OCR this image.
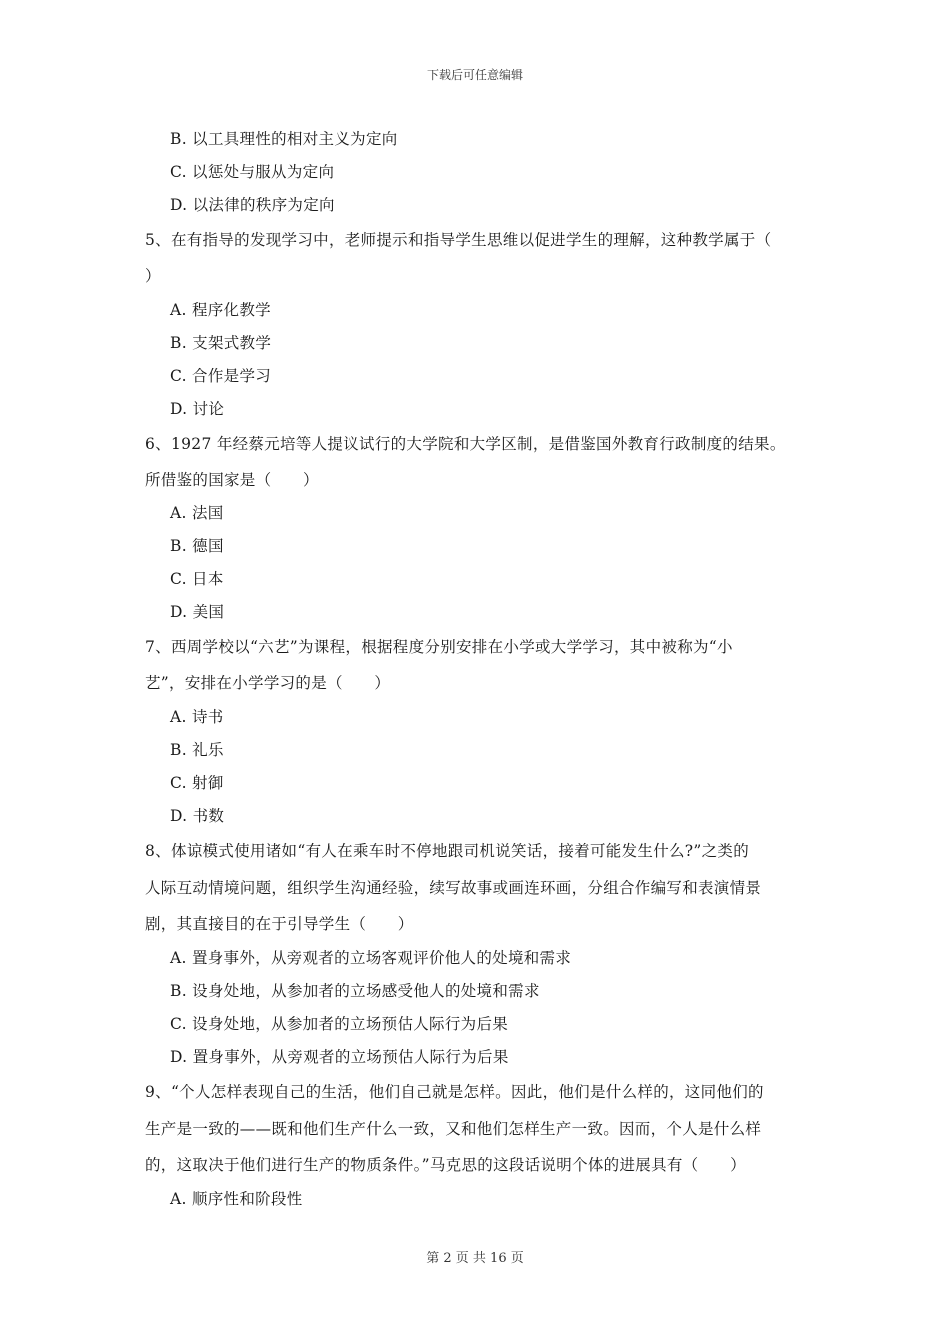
下载后可任意编辑
B. 以工具理性的相对主义为定向
C. 以惩处与服从为定向
D. 以法律的秩序为定向
5、在有指导的发现学习中，老师提示和指导学生思维以促进学生的理解，这种教学属于（
）
A. 程序化教学
B. 支架式教学
C. 合作是学习
D. 讨论
6、1927 年经蔡元培等人提议试行的大学院和大学区制，是借鉴国外教育行政制度的结果。
所借鉴的国家是（　　）
A. 法国
B. 德国
C. 日本
D. 美国
7、西周学校以“六艺”为课程，根据程度分别安排在小学或大学学习，其中被称为“小
艺”，安排在小学学习的是（　　）
A. 诗书
B. 礼乐
C. 射御
D. 书数
8、体谅模式使用诸如“有人在乘车时不停地跟司机说笑话，接着可能发生什么?”之类的
人际互动情境问题，组织学生沟通经验，续写故事或画连环画，分组合作编写和表演情景
剧，其直接目的在于引导学生（　　）
A. 置身事外，从旁观者的立场客观评价他人的处境和需求
B. 设身处地，从参加者的立场感受他人的处境和需求
C. 设身处地，从参加者的立场预估人际行为后果
D. 置身事外，从旁观者的立场预估人际行为后果
9、“个人怎样表现自己的生活，他们自己就是怎样。因此，他们是什么样的，这同他们的
生产是一致的——既和他们生产什么一致，又和他们怎样生产一致。因而，个人是什么样
的，这取决于他们进行生产的物质条件。”马克思的这段话说明个体的进展具有（　　）
A. 顺序性和阶段性
第 2 页 共 16 页
